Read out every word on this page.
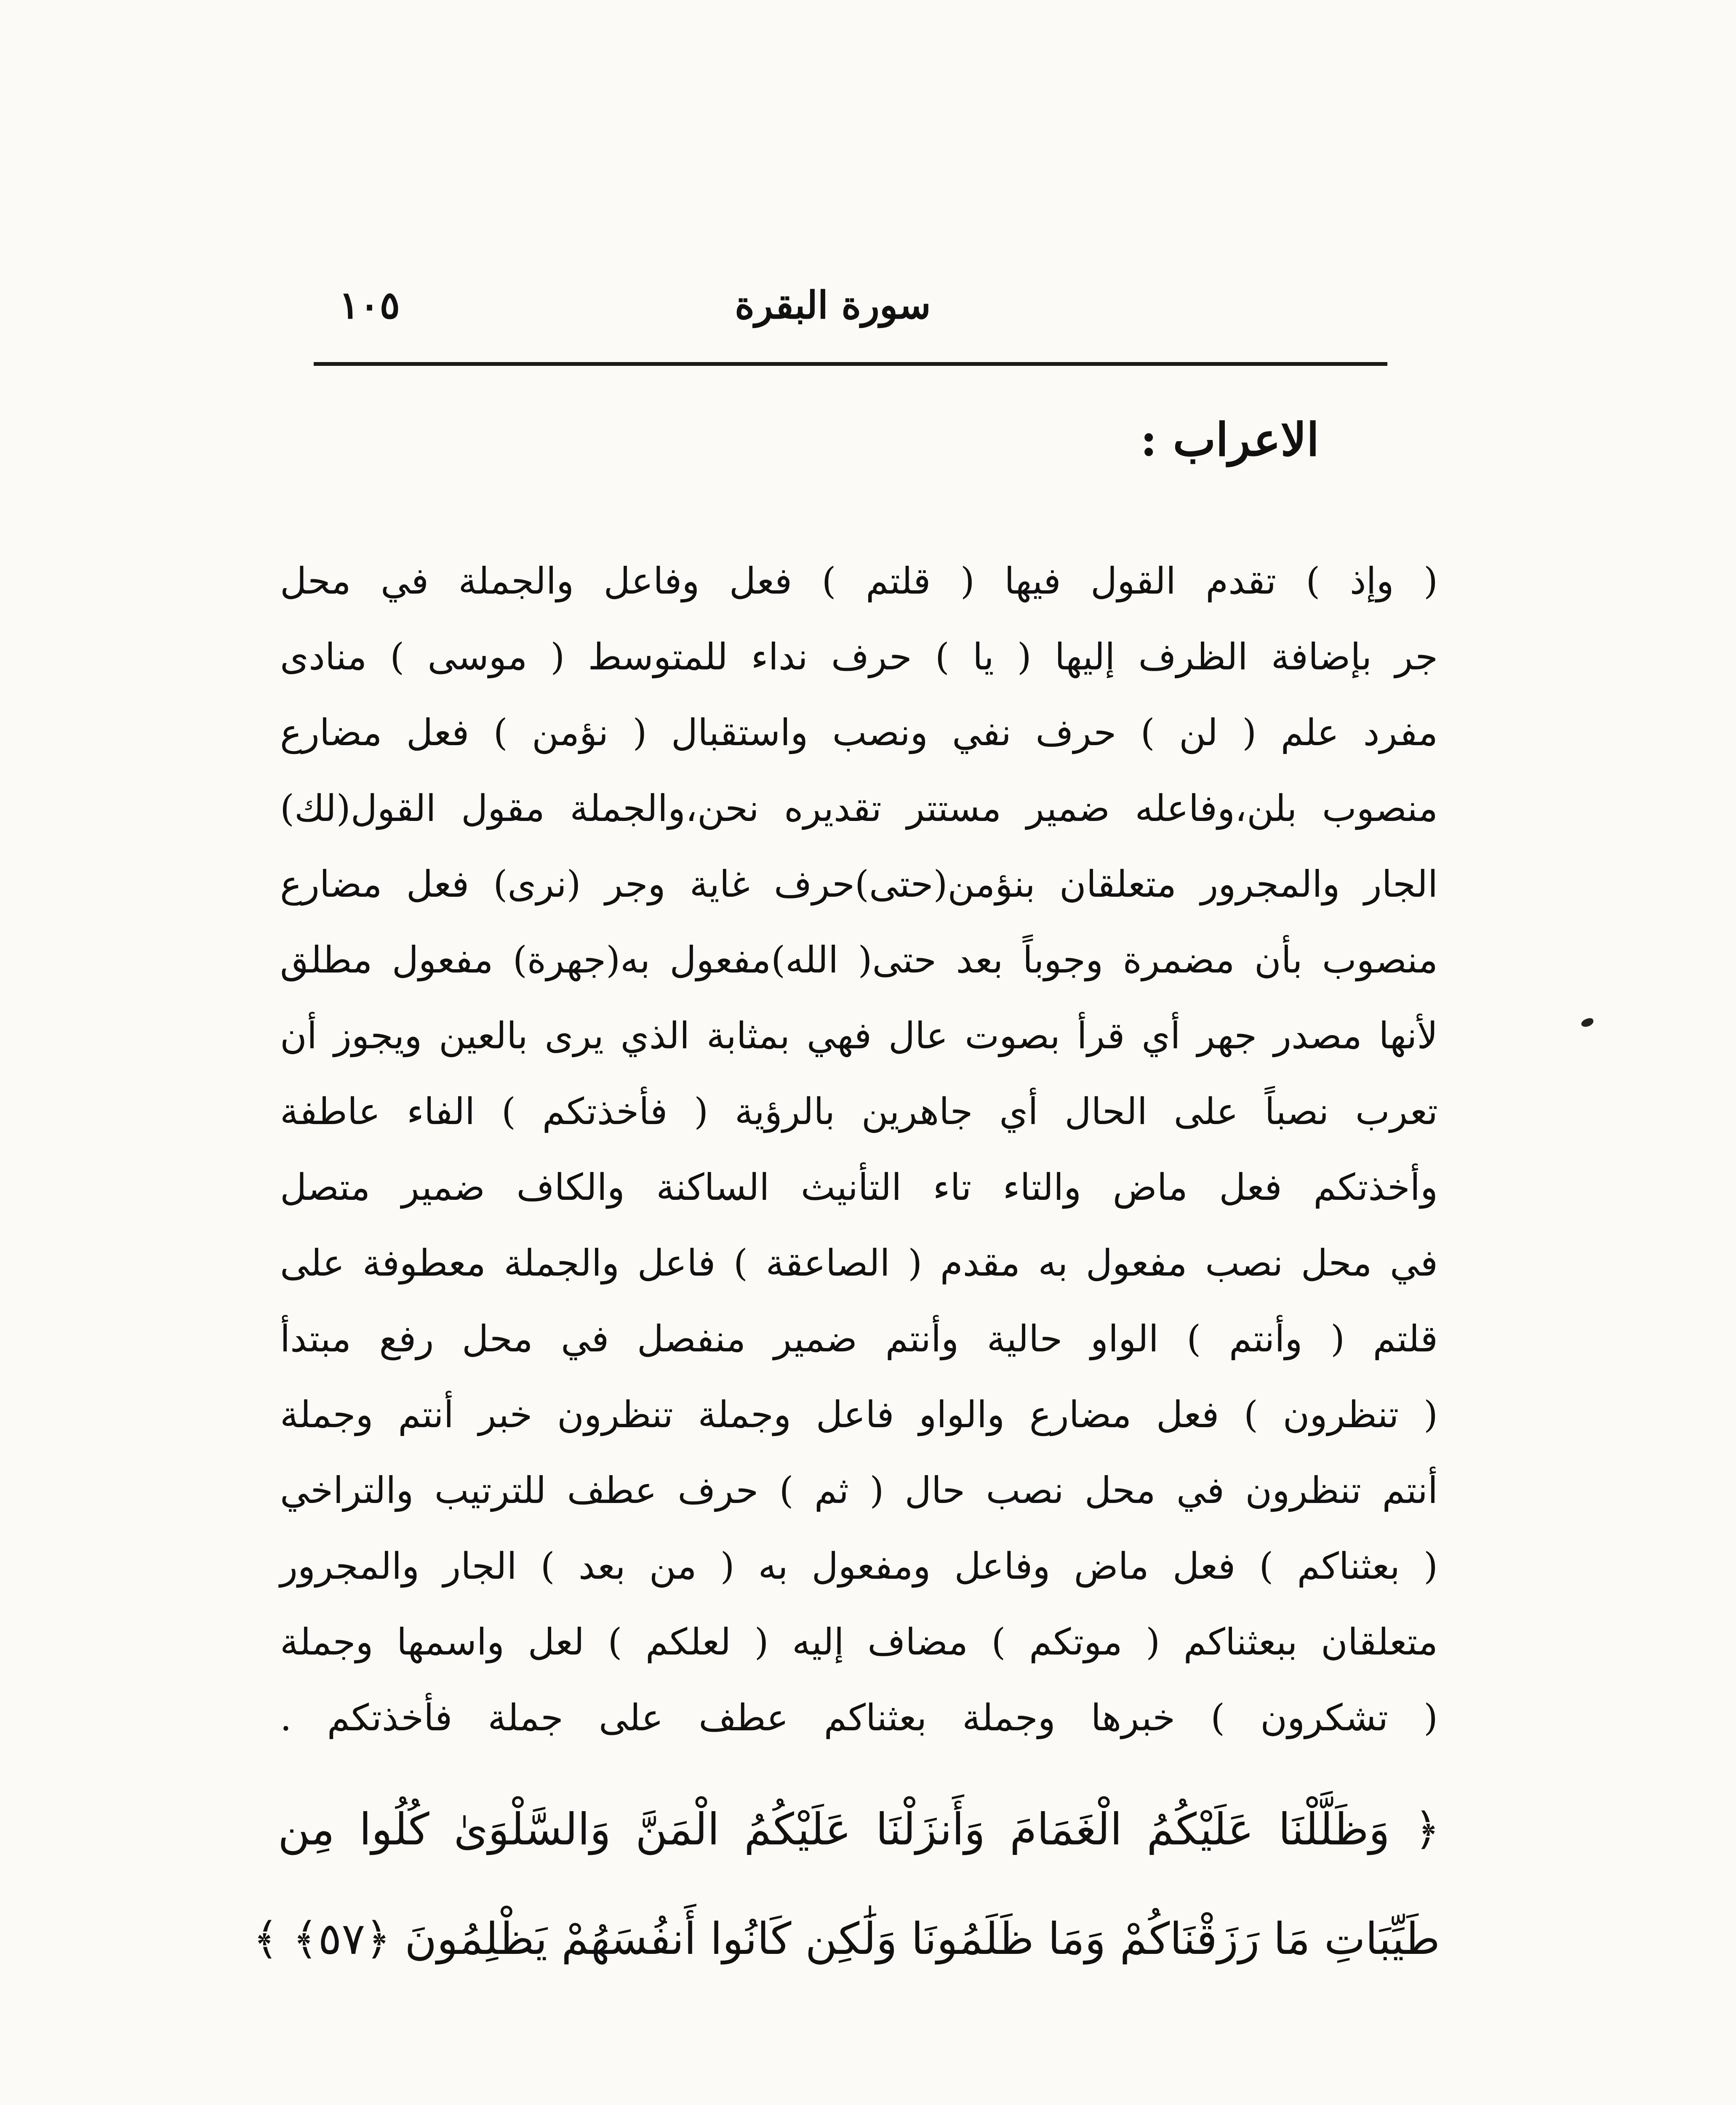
١٠٥	سورة البقرة
الاعراب :
( وإذ ) تقدم القول فيها ( قلتم ) فعل وفاعل والجملة في محل
جر بإضافة الظرف إليها ( يا ) حرف نداء للمتوسط ( موسى ) منادى
مفرد علم ( لن ) حرف نفي ونصب واستقبال ( نؤمن ) فعل مضارع
منصوب بلن،وفاعله ضمير مستتر تقديره نحن،والجملة مقول القول(لك)
الجار والمجرور متعلقان بنؤمن(حتى)حرف غاية وجر (نرى) فعل مضارع
منصوب بأن مضمرة وجوباً بعد حتى( الله)مفعول به(جهرة) مفعول مطلق
لأنها مصدر جهر أي قرأ بصوت عال فهي بمثابة الذي يرى بالعين ويجوز أن
تعرب نصباً على الحال أي جاهرين بالرؤية ( فأخذتكم ) الفاء عاطفة
وأخذتكم فعل ماض والتاء تاء التأنيث الساكنة والكاف ضمير متصل
في محل نصب مفعول به مقدم ( الصاعقة ) فاعل والجملة معطوفة على
قلتم ( وأنتم ) الواو حالية وأنتم ضمير منفصل في محل رفع مبتدأ
( تنظرون ) فعل مضارع والواو فاعل وجملة تنظرون خبر أنتم وجملة
أنتم تنظرون في محل نصب حال ( ثم ) حرف عطف للترتيب والتراخي
( بعثناكم ) فعل ماض وفاعل ومفعول به ( من بعد ) الجار والمجرور
متعلقان ببعثناكم ( موتكم ) مضاف إليه ( لعلكم ) لعل واسمها وجملة
( تشكرون ) خبرها وجملة بعثناكم عطف على جملة فأخذتكم .
﴿ وَظَلَّلْنَا عَلَيْكُمُ الْغَمَامَ وَأَنزَلْنَا عَلَيْكُمُ الْمَنَّ وَالسَّلْوَىٰ كُلُوا مِن
طَيِّبَاتِ مَا رَزَقْنَاكُمْ وَمَا ظَلَمُونَا وَلَٰكِن كَانُوا أَنفُسَهُمْ يَظْلِمُونَ ﴿٥٧﴾ ﴾
